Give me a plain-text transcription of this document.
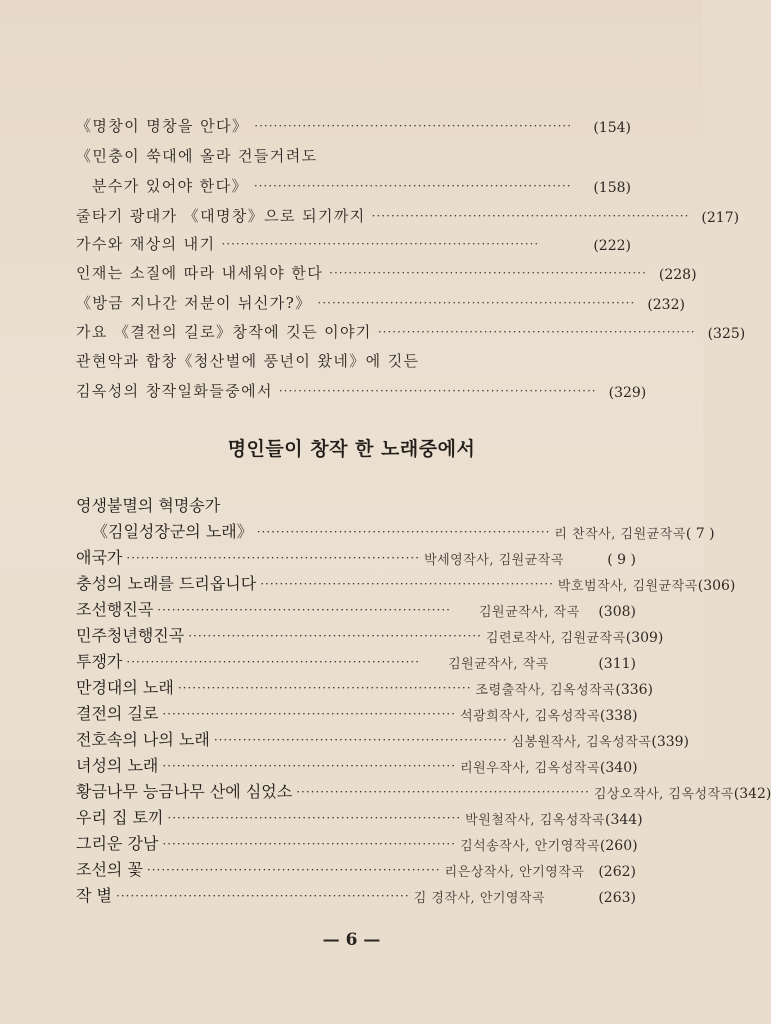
《명창이 명창을 안다》 ··································································	(154)
《민충이 쑥대에 올라 건들거려도
분수가 있어야 한다》 ··································································	(158)
줄타기 광대가 《대명창》으로 되기까지 ·································································· (217)
가수와 재상의 내기 ··································································	(222)
인재는 소질에 따라 내세워야 한다 ·································································· (228)
《방금 지나간 저분이 뉘신가?》 ·································································· (232)
가요 《결전의 길로》창작에 깃든 이야기 ·································································· (325)
관현악과 합창《청산벌에 풍년이 왔네》에 깃든
김옥성의 창작일화들중에서 ·································································· (329)
명인들이 창작 한 노래중에서
영생불멸의 혁명송가
《김일성장군의 노래》 ····························································· 리 찬작사, 김원균작곡 ( 7 )
애국가 ····························································· 박세영작사, 김원균작곡	( 9 )
충성의 노래를 드리옵니다 ····························································· 박호범작사, 김원균작곡 (306)
조선행진곡 ·····························································	김원균작사, 작곡	(308)
민주청년행진곡 ····························································· 김련로작사, 김원균작곡 (309)
투쟁가 ·····························································	김원균작사, 작곡	(311)
만경대의 노래 ····························································· 조령출작사, 김옥성작곡 (336)
결전의 길로 ····························································· 석광희작사, 김옥성작곡 (338)
전호속의 나의 노래 ····························································· 심봉원작사, 김옥성작곡 (339)
녀성의 노래 ····························································· 리원우작사, 김옥성작곡 (340)
황금나무 능금나무 산에 심었소 ····························································· 김상오작사, 김옥성작곡 (342)
우리 집 토끼 ····························································· 박원철작사, 김옥성작곡 (344)
그리운 강남 ····························································· 김석송작사, 안기영작곡 (260)
조선의 꽃 ····························································· 리은상작사, 안기영작곡 (262)
작 별 ····························································· 김 경작사, 안기영작곡	(263)
— 6 —
